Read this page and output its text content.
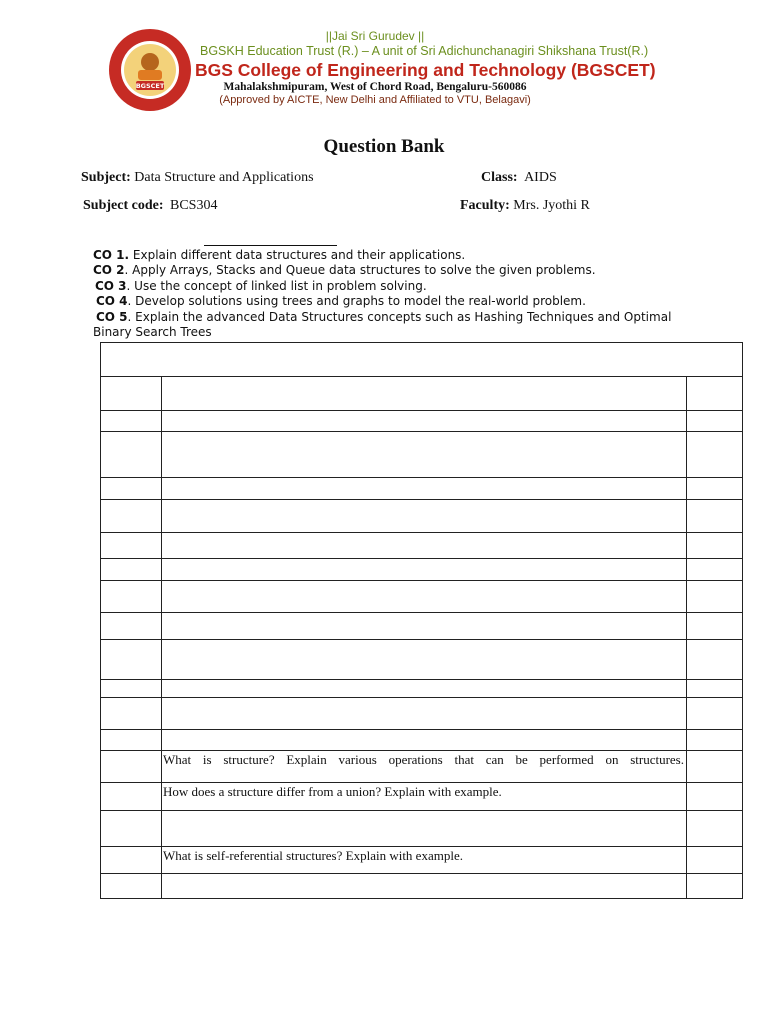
BGSCET
||Jai Sri Gurudev ||
BGSKH Education Trust (R.) – A unit of Sri Adichunchanagiri Shikshana Trust(R.)
BGS College of Engineering and Technology (BGSCET)
Mahalakshmipuram, West of Chord Road, Bengaluru-560086
(Approved by AICTE, New Delhi and Affiliated to VTU, Belagavi)
Question Bank
Subject: Data Structure and Applications	Class: AIDS
Subject code: BCS304	Faculty: Mrs. Jyothi R
CO 1. Explain different data structures and their applications.
CO 2. Apply Arrays, Stacks and Queue data structures to solve the given problems.
CO 3. Use the concept of linked list in problem solving.
CO 4. Develop solutions using trees and graphs to model the real-world problem.
CO 5. Explain the advanced Data Structures concepts such as Hashing Techniques and Optimal
Binary Search Trees

	What is structure? Explain various operations that can be performed on structures.	
	How does a structure differ from a union? Explain with example.	

	What is self-referential structures? Explain with example.	
